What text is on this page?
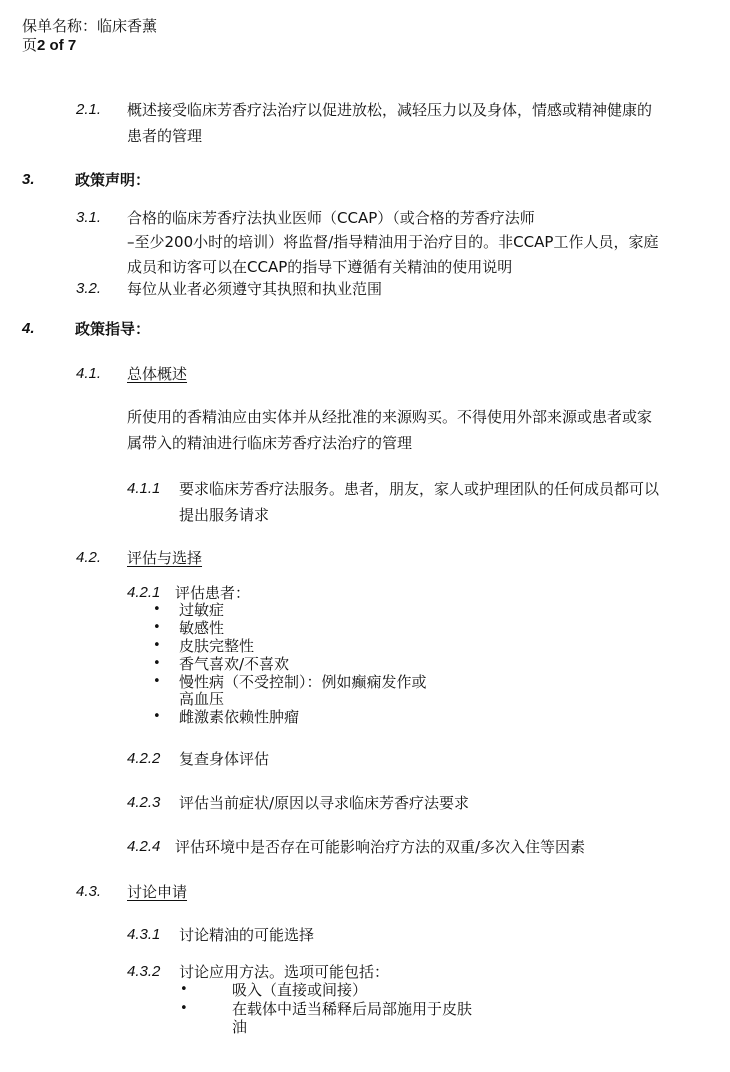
保单名称：临床香薰
页2 of 7
2.1. 概述接受临床芳香疗法治疗以促进放松，减轻压力以及身体，情感或精神健康的
患者的管理
3.	政策声明：
3.1. 合格的临床芳香疗法执业医师（CCAP）（或合格的芳香疗法师
–至少200小时的培训）将监督/指导精油用于治疗目的。非CCAP工作人员，家庭
成员和访客可以在CCAP的指导下遵循有关精油的使用说明
3.2. 每位从业者必须遵守其执照和执业范围
4.	政策指导：
4.1. 总体概述
所使用的香精油应由实体并从经批准的来源购买。不得使用外部来源或患者或家
属带入的精油进行临床芳香疗法治疗的管理
4.1.1 要求临床芳香疗法服务。患者，朋友，家人或护理团队的任何成员都可以
提出服务请求
4.2. 评估与选择
4.2.1 评估患者：
• 过敏症
• 敏感性
• 皮肤完整性
• 香气喜欢/不喜欢
• 慢性病（不受控制）：例如癫痫发作或
高血压
• 雌激素依赖性肿瘤
4.2.2 复查身体评估
4.2.3 评估当前症状/原因以寻求临床芳香疗法要求
4.2.4 评估环境中是否存在可能影响治疗方法的双重/多次入住等因素
4.3. 讨论申请
4.3.1 讨论精油的可能选择
4.3.2 讨论应用方法。选项可能包括：
•	吸入（直接或间接）
•	在载体中适当稀释后局部施用于皮肤
油
